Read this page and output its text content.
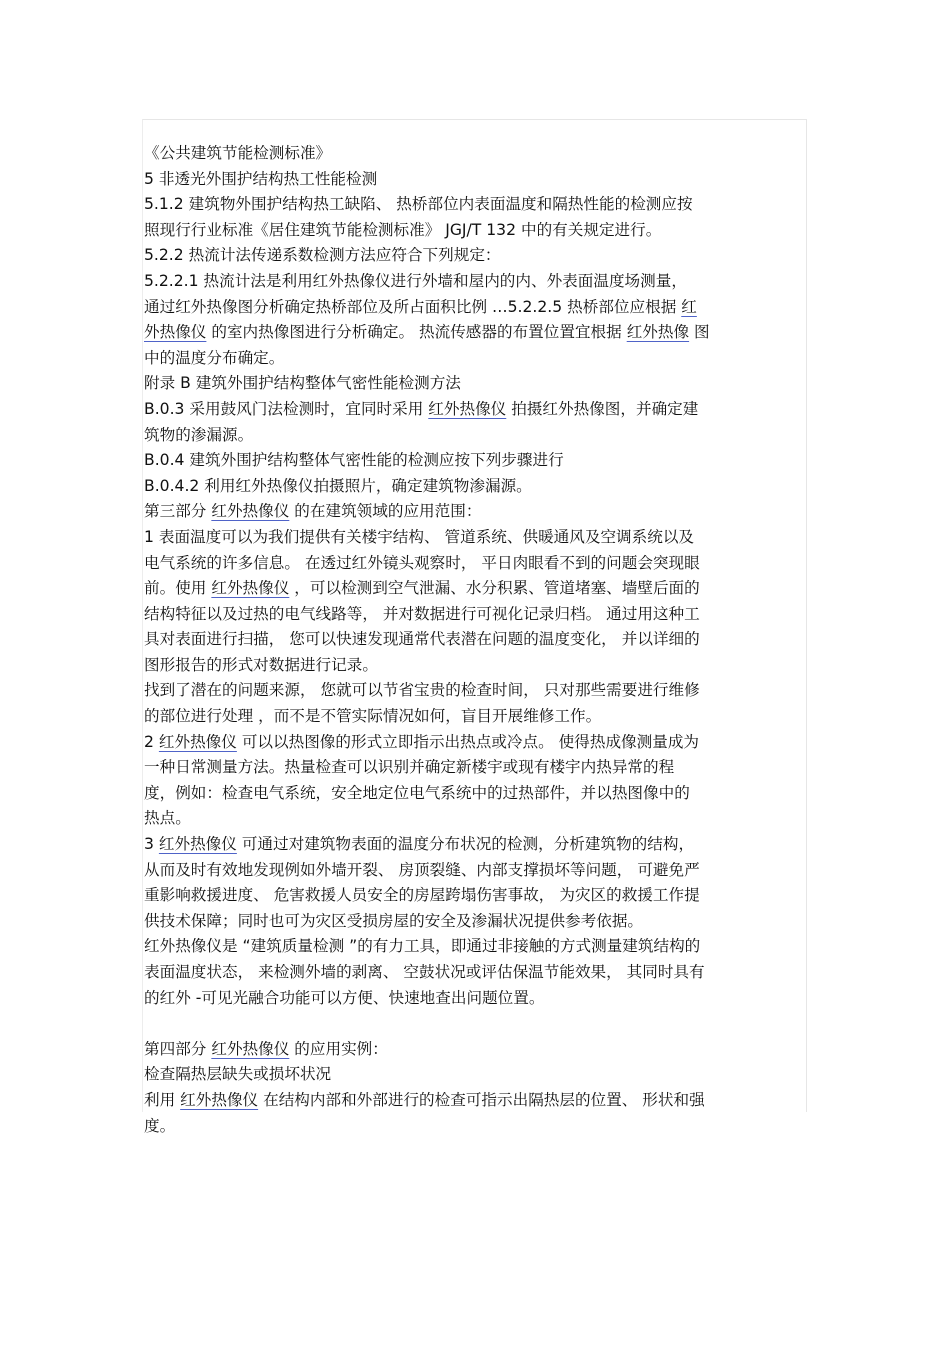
《公共建筑节能检测标准》
5 非透光外围护结构热工性能检测
5.1.2 建筑物外围护结构热工缺陷、 热桥部位内表面温度和隔热性能的检测应按
照现行行业标准《居住建筑节能检测标准》 JGJ/T 132 中的有关规定进行。
5.2.2 热流计法传递系数检测方法应符合下列规定：
5.2.2.1 热流计法是利用红外热像仪进行外墙和屋内的内、外表面温度场测量，
通过红外热像图分析确定热桥部位及所占面积比例 …5.2.2.5 热桥部位应根据 红
外热像仪 的室内热像图进行分析确定。 热流传感器的布置位置宜根据 红外热像 图
中的温度分布确定。
附录 B 建筑外围护结构整体气密性能检测方法
B.0.3 采用鼓风门法检测时，宜同时采用 红外热像仪 拍摄红外热像图，并确定建
筑物的渗漏源。
B.0.4 建筑外围护结构整体气密性能的检测应按下列步骤进行
B.0.4.2 利用红外热像仪拍摄照片，确定建筑物渗漏源。
第三部分 红外热像仪 的在建筑领域的应用范围：
1 表面温度可以为我们提供有关楼宇结构、 管道系统、供暖通风及空调系统以及
电气系统的许多信息。 在透过红外镜头观察时， 平日肉眼看不到的问题会突现眼
前。使用 红外热像仪 ，可以检测到空气泄漏、水分积累、管道堵塞、墙壁后面的
结构特征以及过热的电气线路等， 并对数据进行可视化记录归档。 通过用这种工
具对表面进行扫描， 您可以快速发现通常代表潜在问题的温度变化， 并以详细的
图形报告的形式对数据进行记录。
找到了潜在的问题来源， 您就可以节省宝贵的检查时间， 只对那些需要进行维修
的部位进行处理 ，而不是不管实际情况如何，盲目开展维修工作。
2 红外热像仪 可以以热图像的形式立即指示出热点或冷点。 使得热成像测量成为
一种日常测量方法。热量检查可以识别并确定新楼宇或现有楼宇内热异常的程
度，例如：检查电气系统，安全地定位电气系统中的过热部件，并以热图像中的
热点。
3 红外热像仪 可通过对建筑物表面的温度分布状况的检测，分析建筑物的结构，
从而及时有效地发现例如外墙开裂、 房顶裂缝、内部支撑损坏等问题， 可避免严
重影响救援进度、 危害救援人员安全的房屋跨塌伤害事故， 为灾区的救援工作提
供技术保障；同时也可为灾区受损房屋的安全及渗漏状况提供参考依据。
红外热像仪是 “建筑质量检测 ”的有力工具，即通过非接触的方式测量建筑结构的
表面温度状态， 来检测外墙的剥离、 空鼓状况或评估保温节能效果， 其同时具有
的红外 -可见光融合功能可以方便、快速地查出问题位置。
第四部分 红外热像仪 的应用实例：
检查隔热层缺失或损坏状况
利用 红外热像仪 在结构内部和外部进行的检查可指示出隔热层的位置、 形状和强
度。
